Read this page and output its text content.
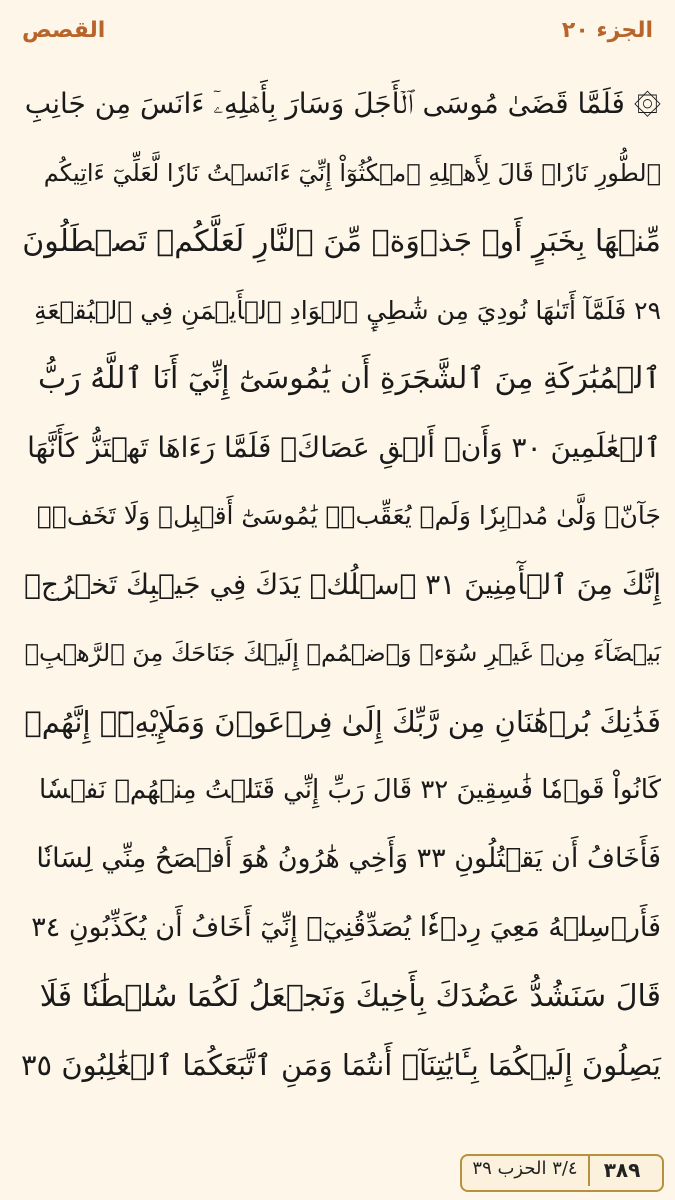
القصص	الجزء ٢٠
۞ فَلَمَّا قَضَىٰ مُوسَى ٱلۡأَجَلَ وَسَارَ بِأَهۡلِهِۦٓ ءَانَسَ مِن جَانِبِ
ٱلطُّورِ نَارٗاۖ قَالَ لِأَهۡلِهِ ٱمۡكُثُوٓاْ إِنِّيٓ ءَانَسۡتُ نَارٗا لَّعَلِّيٓ ءَاتِيكُم
مِّنۡهَا بِخَبَرٍ أَوۡ جَذۡوَةٖ مِّنَ ٱلنَّارِ لَعَلَّكُمۡ تَصۡطَلُونَ
٢٩ فَلَمَّآ أَتَىٰهَا نُودِيَ مِن شَٰطِيِٕ ٱلۡوَادِ ٱلۡأَيۡمَنِ فِي ٱلۡبُقۡعَةِ
ٱلۡمُبَٰرَكَةِ مِنَ ٱلشَّجَرَةِ أَن يَٰمُوسَىٰٓ إِنِّيٓ أَنَا ٱللَّهُ رَبُّ
ٱلۡعَٰلَمِينَ ٣٠ وَأَنۡ أَلۡقِ عَصَاكَۚ فَلَمَّا رَءَاهَا تَهۡتَزُّ كَأَنَّهَا
جَآنّٞ وَلَّىٰ مُدۡبِرٗا وَلَمۡ يُعَقِّبۡۚ يَٰمُوسَىٰٓ أَقۡبِلۡ وَلَا تَخَفۡۖ
إِنَّكَ مِنَ ٱلۡأٓمِنِينَ ٣١ ٱسۡلُكۡ يَدَكَ فِي جَيۡبِكَ تَخۡرُجۡ
بَيۡضَآءَ مِنۡ غَيۡرِ سُوٓءٖ وَٱضۡمُمۡ إِلَيۡكَ جَنَاحَكَ مِنَ ٱلرَّهۡبِۖ
فَذَٰنِكَ بُرۡهَٰنَانِ مِن رَّبِّكَ إِلَىٰ فِرۡعَوۡنَ وَمَلَإِيْهِۦٓۚ إِنَّهُمۡ
كَانُواْ قَوۡمٗا فَٰسِقِينَ ٣٢ قَالَ رَبِّ إِنِّي قَتَلۡتُ مِنۡهُمۡ نَفۡسٗا
فَأَخَافُ أَن يَقۡتُلُونِ ٣٣ وَأَخِي هَٰرُونُ هُوَ أَفۡصَحُ مِنِّي لِسَانٗا
فَأَرۡسِلۡهُ مَعِيَ رِدۡءٗا يُصَدِّقُنِيٓۖ إِنِّيٓ أَخَافُ أَن يُكَذِّبُونِ ٣٤
قَالَ سَنَشُدُّ عَضُدَكَ بِأَخِيكَ وَنَجۡعَلُ لَكُمَا سُلۡطَٰنٗا فَلَا
يَصِلُونَ إِلَيۡكُمَا بِـَٔايَٰتِنَآۚ أَنتُمَا وَمَنِ ٱتَّبَعَكُمَا ٱلۡغَٰلِبُونَ ٣٥
٣/٤ الحزب ٣٩	٣٨٩
